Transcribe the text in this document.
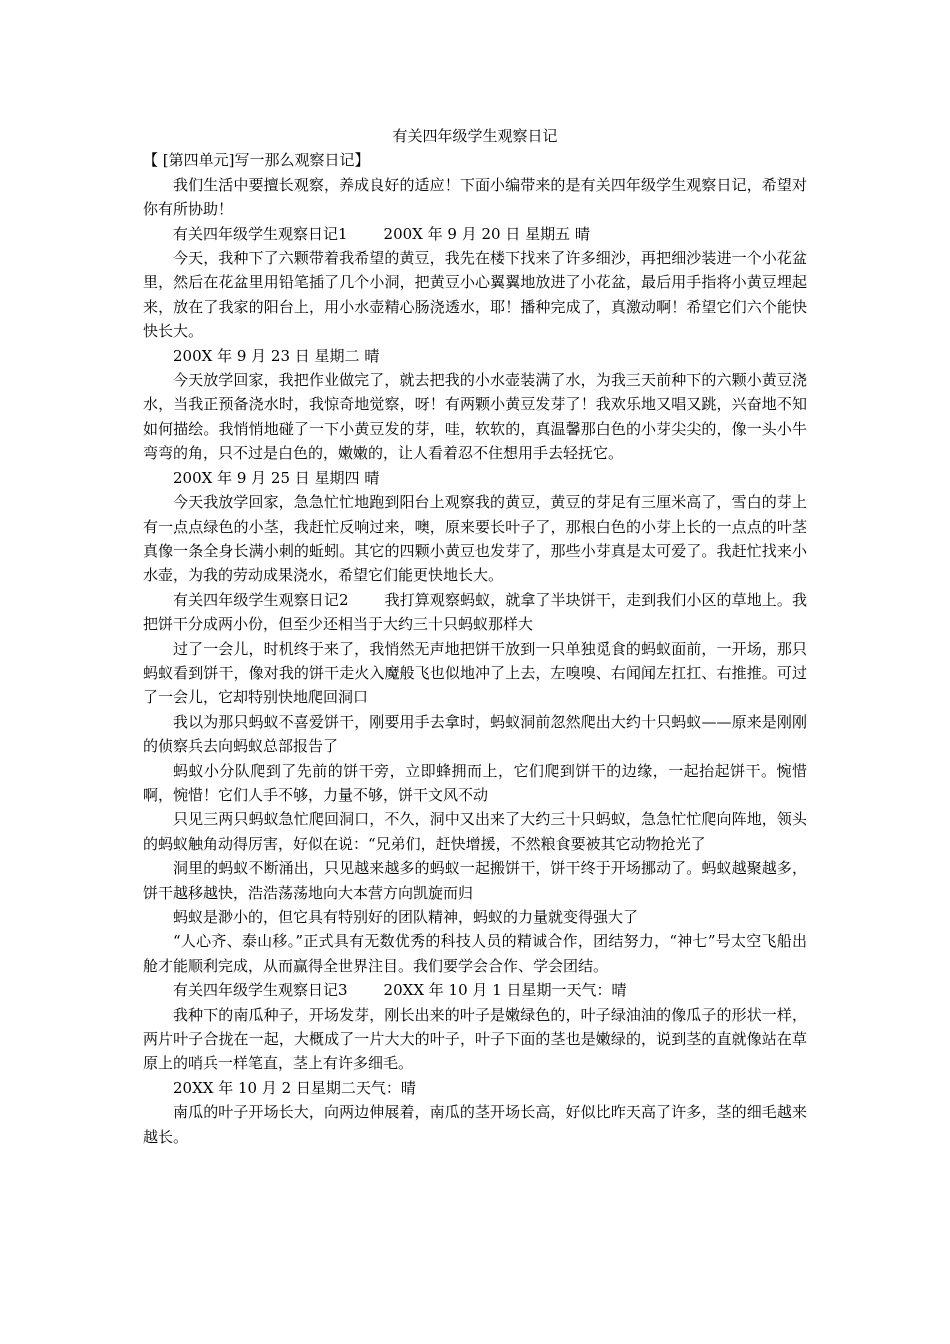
有关四年级学生观察日记

【 [第四单元]写一那么观察日记】

我们生活中要擅长观察，养成良好的适应！下面小编带来的是有关四年级学生观察日记，希望对你有所协助！

有关四年级学生观察日记1 200X 年 9 月 20 日 星期五 晴

今天，我种下了六颗带着我希望的黄豆，我先在楼下找来了许多细沙，再把细沙装进一个小花盆里，然后在花盆里用铅笔插了几个小洞，把黄豆小心翼翼地放进了小花盆，最后用手指将小黄豆埋起来，放在了我家的阳台上，用小水壶精心肠浇透水，耶！播种完成了，真激动啊！希望它们六个能快快长大。

200X 年 9 月 23 日 星期二 晴

今天放学回家，我把作业做完了，就去把我的小水壶装满了水，为我三天前种下的六颗小黄豆浇水，当我正预备浇水时，我惊奇地觉察，呀！有两颗小黄豆发芽了！我欢乐地又唱又跳，兴奋地不知如何描绘。我悄悄地碰了一下小黄豆发的芽，哇，软软的，真温馨那白色的小芽尖尖的，像一头小牛弯弯的角，只不过是白色的，嫩嫩的，让人看着忍不住想用手去轻抚它。

200X 年 9 月 25 日 星期四 晴

今天我放学回家，急急忙忙地跑到阳台上观察我的黄豆，黄豆的芽足有三厘米高了，雪白的芽上有一点点绿色的小茎，我赶忙反响过来，噢，原来要长叶子了，那根白色的小芽上长的一点点的叶茎真像一条全身长满小刺的蚯蚓。其它的四颗小黄豆也发芽了，那些小芽真是太可爱了。我赶忙找来小水壶，为我的劳动成果浇水，希望它们能更快地长大。

有关四年级学生观察日记2 我打算观察蚂蚁，就拿了半块饼干，走到我们小区的草地上。我把饼干分成两小份，但至少还相当于大约三十只蚂蚁那样大

过了一会儿，时机终于来了，我悄然无声地把饼干放到一只单独觅食的蚂蚁面前，一开场，那只蚂蚁看到饼干，像对我的饼干走火入魔般飞也似地冲了上去，左嗅嗅、右闻闻左扛扛、右推推。可过了一会儿，它却特别快地爬回洞口

我以为那只蚂蚁不喜爱饼干，刚要用手去拿时，蚂蚁洞前忽然爬出大约十只蚂蚁——原来是刚刚的侦察兵去向蚂蚁总部报告了

蚂蚁小分队爬到了先前的饼干旁，立即蜂拥而上，它们爬到饼干的边缘，一起抬起饼干。惋惜啊，惋惜！它们人手不够，力量不够，饼干文风不动

只见三两只蚂蚁急忙爬回洞口，不久，洞中又出来了大约三十只蚂蚁，急急忙忙爬向阵地，领头的蚂蚁触角动得厉害，好似在说：“兄弟们，赶快增援，不然粮食要被其它动物抢光了

洞里的蚂蚁不断涌出，只见越来越多的蚂蚁一起搬饼干，饼干终于开场挪动了。蚂蚁越聚越多，饼干越移越快，浩浩荡荡地向大本营方向凯旋而归

蚂蚁是渺小的，但它具有特别好的团队精神，蚂蚁的力量就变得强大了

“人心齐、泰山移。”正式具有无数优秀的科技人员的精诚合作，团结努力，“神七”号太空飞船出舱才能顺利完成，从而赢得全世界注目。我们要学会合作、学会团结。

有关四年级学生观察日记3 20XX 年 10 月 1 日星期一天气：晴

我种下的南瓜种子，开场发芽，刚长出来的叶子是嫩绿色的，叶子绿油油的像瓜子的形状一样，两片叶子合拢在一起，大概成了一片大大的叶子，叶子下面的茎也是嫩绿的，说到茎的直就像站在草原上的哨兵一样笔直，茎上有许多细毛。

20XX 年 10 月 2 日星期二天气：晴

南瓜的叶子开场长大，向两边伸展着，南瓜的茎开场长高，好似比昨天高了许多，茎的细毛越来越长。
